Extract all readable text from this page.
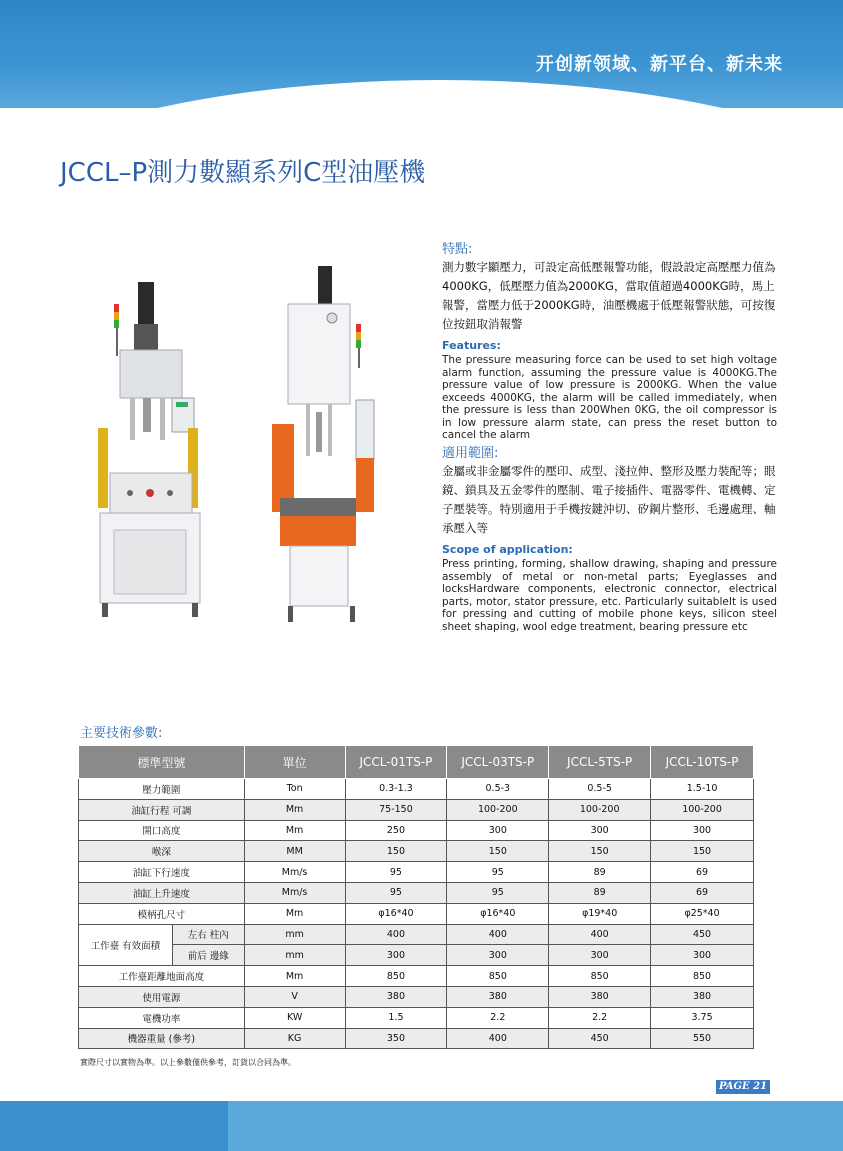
开创新领域、新平台、新未来
JCCL–P測力數顯系列C型油壓機

特點:

測力數字顯壓力，可設定高低壓報警功能，假設設定高壓壓力值為4000KG，低壓壓力值為2000KG，當取值超過4000KG時，馬上報警，當壓力低于2000KG時，油壓機處于低壓報警狀態，可按復位按鈕取消報警

Features:

The pressure measuring force can be used to set high voltage alarm function, assuming the pressure value is 4000KG.The pressure value of low pressure is 2000KG. When the value exceeds 4000KG, the alarm will be called immediately, when the pressure is less than 200When 0KG, the oil compressor is in low pressure alarm state, can press the reset button to cancel the alarm

適用範圍:

金屬或非金屬零件的壓印、成型、淺拉伸、整形及壓力裝配等；眼鏡、鎖具及五金零件的壓制、電子接插件、電器零件、電機轉、定子壓裝等。特別適用于手機按鍵沖切、矽鋼片整形、毛邊處理、軸承壓入等

Scope of application:

Press printing, forming, shallow drawing, shaping and pressure assembly of metal or non-metal parts; Eyeglasses and locksHardware components, electronic connector, electrical parts, motor, stator pressure, etc. Particularly suitableIt is used for pressing and cutting of mobile phone keys, silicon steel sheet shaping, wool edge treatment, bearing pressure etc

主要技術參數:
標準型號		單位	JCCL-01TS-P	JCCL-03TS-P	JCCL-5TS-P	JCCL-10TS-P
壓力範圍		Ton	0.3-1.3	0.5-3	0.5-5	1.5-10
油缸行程 可調		Mm	75-150	100-200	100-200	100-200
開口高度		Mm	250	300	300	300
喉深		MM	150	150	150	150
油缸下行速度		Mm/s	95	95	89	69
油缸上升速度		Mm/s	95	95	89	69
模柄孔尺寸		Mm	φ16*40	φ16*40	φ19*40	φ25*40
工作臺 有效面積	左右 柱內	mm	400	400	400	450
	前后 邊緣	mm	300	300	300	300
工作臺距離地面高度		Mm	850	850	850	850
使用電源		V	380	380	380	380
電機功率		KW	1.5	2.2	2.2	3.75
機器重量 (參考)		KG	350	400	450	550
實際尺寸以實物為準。以上參數僅供參考，訂貨以合同為準。
PAGE 21
